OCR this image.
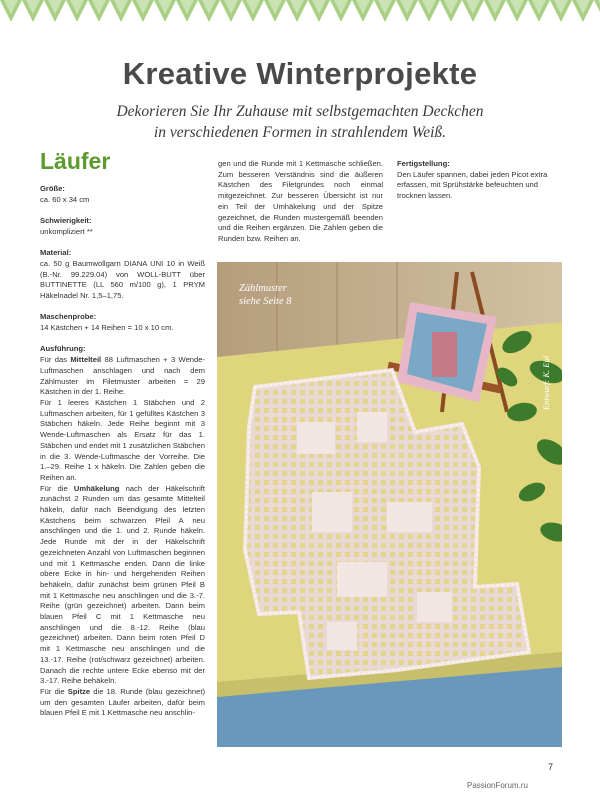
Kreative Winterprojekte
Dekorieren Sie Ihr Zuhause mit selbstgemachten Deckchen
in verschiedenen Formen in strahlendem Weiß.
Läufer
Größe:

ca. 60 x 34 cm

Schwierigkeit:

unkompliziert **

Material:

ca. 50 g Baumwollgarn DIANA UNI 10 in Weiß (B.-Nr. 99.229.04) von WOLL-BUTT über BUTTINETTE (LL 560 m/100 g), 1 PRYM Häkelnadel Nr. 1,5–1,75.

Maschenprobe:

14 Kästchen + 14 Reihen = 10 x 10 cm.

Ausführung:

Für das Mittelteil 88 Luftmaschen + 3 Wende-Luftmaschen anschlagen und nach dem Zählmuster im Filetmuster arbeiten = 29 Kästchen in der 1. Reihe.

Für 1 leeres Kästchen 1 Stäbchen und 2 Luftmaschen arbeiten, für 1 gefülltes Kästchen 3 Stäbchen häkeln. Jede Reihe beginnt mit 3 Wende-Luftmaschen als Ersatz für das 1. Stäbchen und endet mit 1 zusätzlichen Stäbchen in die 3. Wende-Luftmasche der Vorreihe. Die 1.–29. Reihe 1 x häkeln. Die Zahlen geben die Reihen an.

Für die Umhäkelung nach der Häkelschrift zunächst 2 Runden um das gesamte Mittelteil häkeln, dafür nach Beendigung des letzten Kästchens beim schwarzen Pfeil A neu anschlingen und die 1. und 2. Runde häkeln. Jede Runde mit der in der Häkelschrift gezeichneten Anzahl von Luftmaschen beginnen und mit 1 Kettmasche enden. Dann die linke obere Ecke in hin- und hergehenden Reihen behäkeln, dafür zunächst beim grünen Pfeil B mit 1 Kettmasche neu anschlingen und die 3.-7. Reihe (grün gezeichnet) arbeiten. Dann beim blauen Pfeil C mit 1 Kettmasche neu anschlingen und die 8.-12. Reihe (blau gezeichnet) arbeiten. Dann beim roten Pfeil D mit 1 Kettmasche neu anschlingen und die 13.-17. Reihe (rot/schwarz gezeichnet) arbeiten. Danach die rechte untere Ecke ebenso mit der 3.-17. Reihe behäkeln.

Für die Spitze die 18. Runde (blau gezeichnet) um den gesamten Läufer arbeiten, dafür beim blauen Pfeil E mit 1 Kettmasche neu anschlin-

gen und die Runde mit 1 Kettmasche schließen. Zum besseren Verständnis sind die äußeren Kästchen des Filetgrundes noch einmal mitgezeichnet. Zur besseren Übersicht ist nur ein Teil der Umhäkelung und der Spitze gezeichnet, die Runden mustergemäß beenden und die Reihen ergänzen. Die Zahlen geben die Runden bzw. Reihen an.

Fertigstellung:

Den Läufer spannen, dabei jeden Picot extra erfassen, mit Sprühstärke befeuchten und trocknen lassen.

Zählmuster
siehe Seite 8
Entwurf: K. Eul
7
PassionForum.ru
